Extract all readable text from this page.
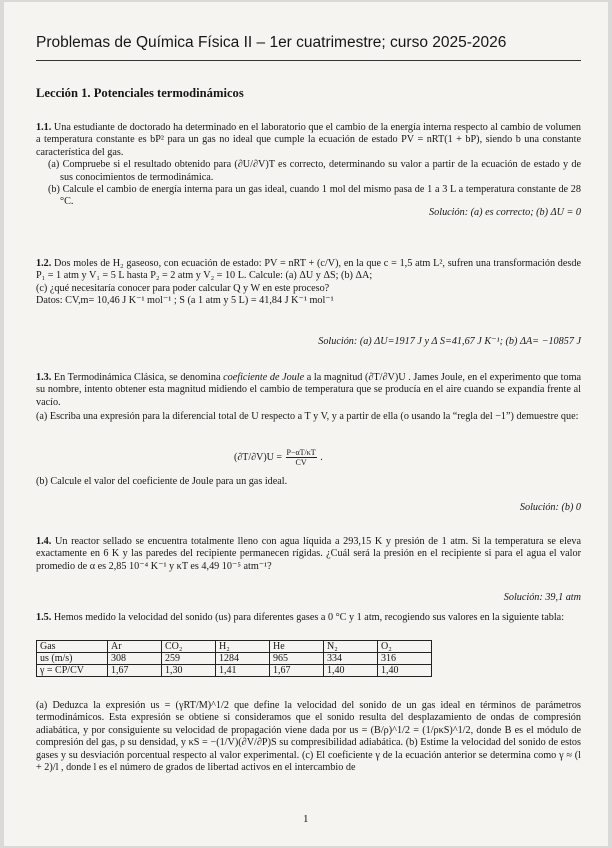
Problemas de Química Física II – 1er cuatrimestre; curso 2025-2026
Lección 1. Potenciales termodinámicos
1.1. Una estudiante de doctorado ha determinado en el laboratorio que el cambio de la energía interna respecto al cambio de volumen a temperatura constante es bP² para un gas no ideal que cumple la ecuación de estado PV = nRT(1 + bP), siendo b una constante característica del gas.
(a) Compruebe si el resultado obtenido para (∂U/∂V)T es correcto, determinando su valor a partir de la ecuación de estado y de sus conocimientos de termodinámica.
(b) Calcule el cambio de energía interna para un gas ideal, cuando 1 mol del mismo pasa de 1 a 3 L a temperatura constante de 28 °C.
Solución: (a) es correcto; (b) ΔU = 0
1.2. Dos moles de H₂ gaseoso, con ecuación de estado: PV = nRT + (c/V), en la que c = 1,5 atm L², sufren una transformación desde P₁ = 1 atm y V₁ = 5 L hasta P₂ = 2 atm y V₂ = 10 L. Calcule: (a) ΔU y ΔS; (b) ΔA;
(c) ¿qué necesitaría conocer para poder calcular Q y W en este proceso?
Datos: CV,m= 10,46 J K⁻¹ mol⁻¹ ; S (a 1 atm y 5 L) = 41,84 J K⁻¹ mol⁻¹
Solución: (a) ΔU=1917 J y Δ S=41,67 J K⁻¹; (b) ΔA= −10857 J
1.3. En Termodinámica Clásica, se denomina coeficiente de Joule a la magnitud (∂T/∂V)U . James Joule, en el experimento que toma su nombre, intento obtener esta magnitud midiendo el cambio de temperatura que se producía en el aire cuando se expandía frente al vacío.
(a) Escriba una expresión para la diferencial total de U respecto a T y V, y a partir de ella (o usando la “regla del −1”) demuestre que:
$(\partial T/\partial V)U = \frac{P-\alpha T/\kappa T}{CV}$ .
(b) Calcule el valor del coeficiente de Joule para un gas ideal.
Solución: (b) 0
1.4. Un reactor sellado se encuentra totalmente lleno con agua líquida a 293,15 K y presión de 1 atm. Si la temperatura se eleva exactamente en 6 K y las paredes del recipiente permanecen rígidas. ¿Cuál será la presión en el recipiente si para el agua el valor promedio de α es 2,85 10⁻⁴ K⁻¹ y κT es 4,49 10⁻⁵ atm⁻¹?
Solución: 39,1 atm
1.5. Hemos medido la velocidad del sonido (us) para diferentes gases a 0 °C y 1 atm, recogiendo sus valores en la siguiente tabla:
Gas	Ar	CO₂	H₂	He	N₂	O₂
us (m/s)	308	259	1284	965	334	316
γ = CP/CV	1,67	1,30	1,41	1,67	1,40	1,40
(a) Deduzca la expresión us = (γRT/M)^1/2 que define la velocidad del sonido de un gas ideal en términos de parámetros termodinámicos. Esta expresión se obtiene si consideramos que el sonido resulta del desplazamiento de ondas de compresión adiabática, y por consiguiente su velocidad de propagación viene dada por us = (B/ρ)^1/2 = (1/ρκS)^1/2, donde B es el módulo de compresión del gas, ρ su densidad, y κS = −(1/V)(∂V/∂P)S su compresibilidad adiabática. (b) Estime la velocidad del sonido de estos gases y su desviación porcentual respecto al valor experimental. (c) El coeficiente γ de la ecuación anterior se determina como γ ≈ (l + 2)/l , donde l es el número de grados de libertad activos en el intercambio de
1
